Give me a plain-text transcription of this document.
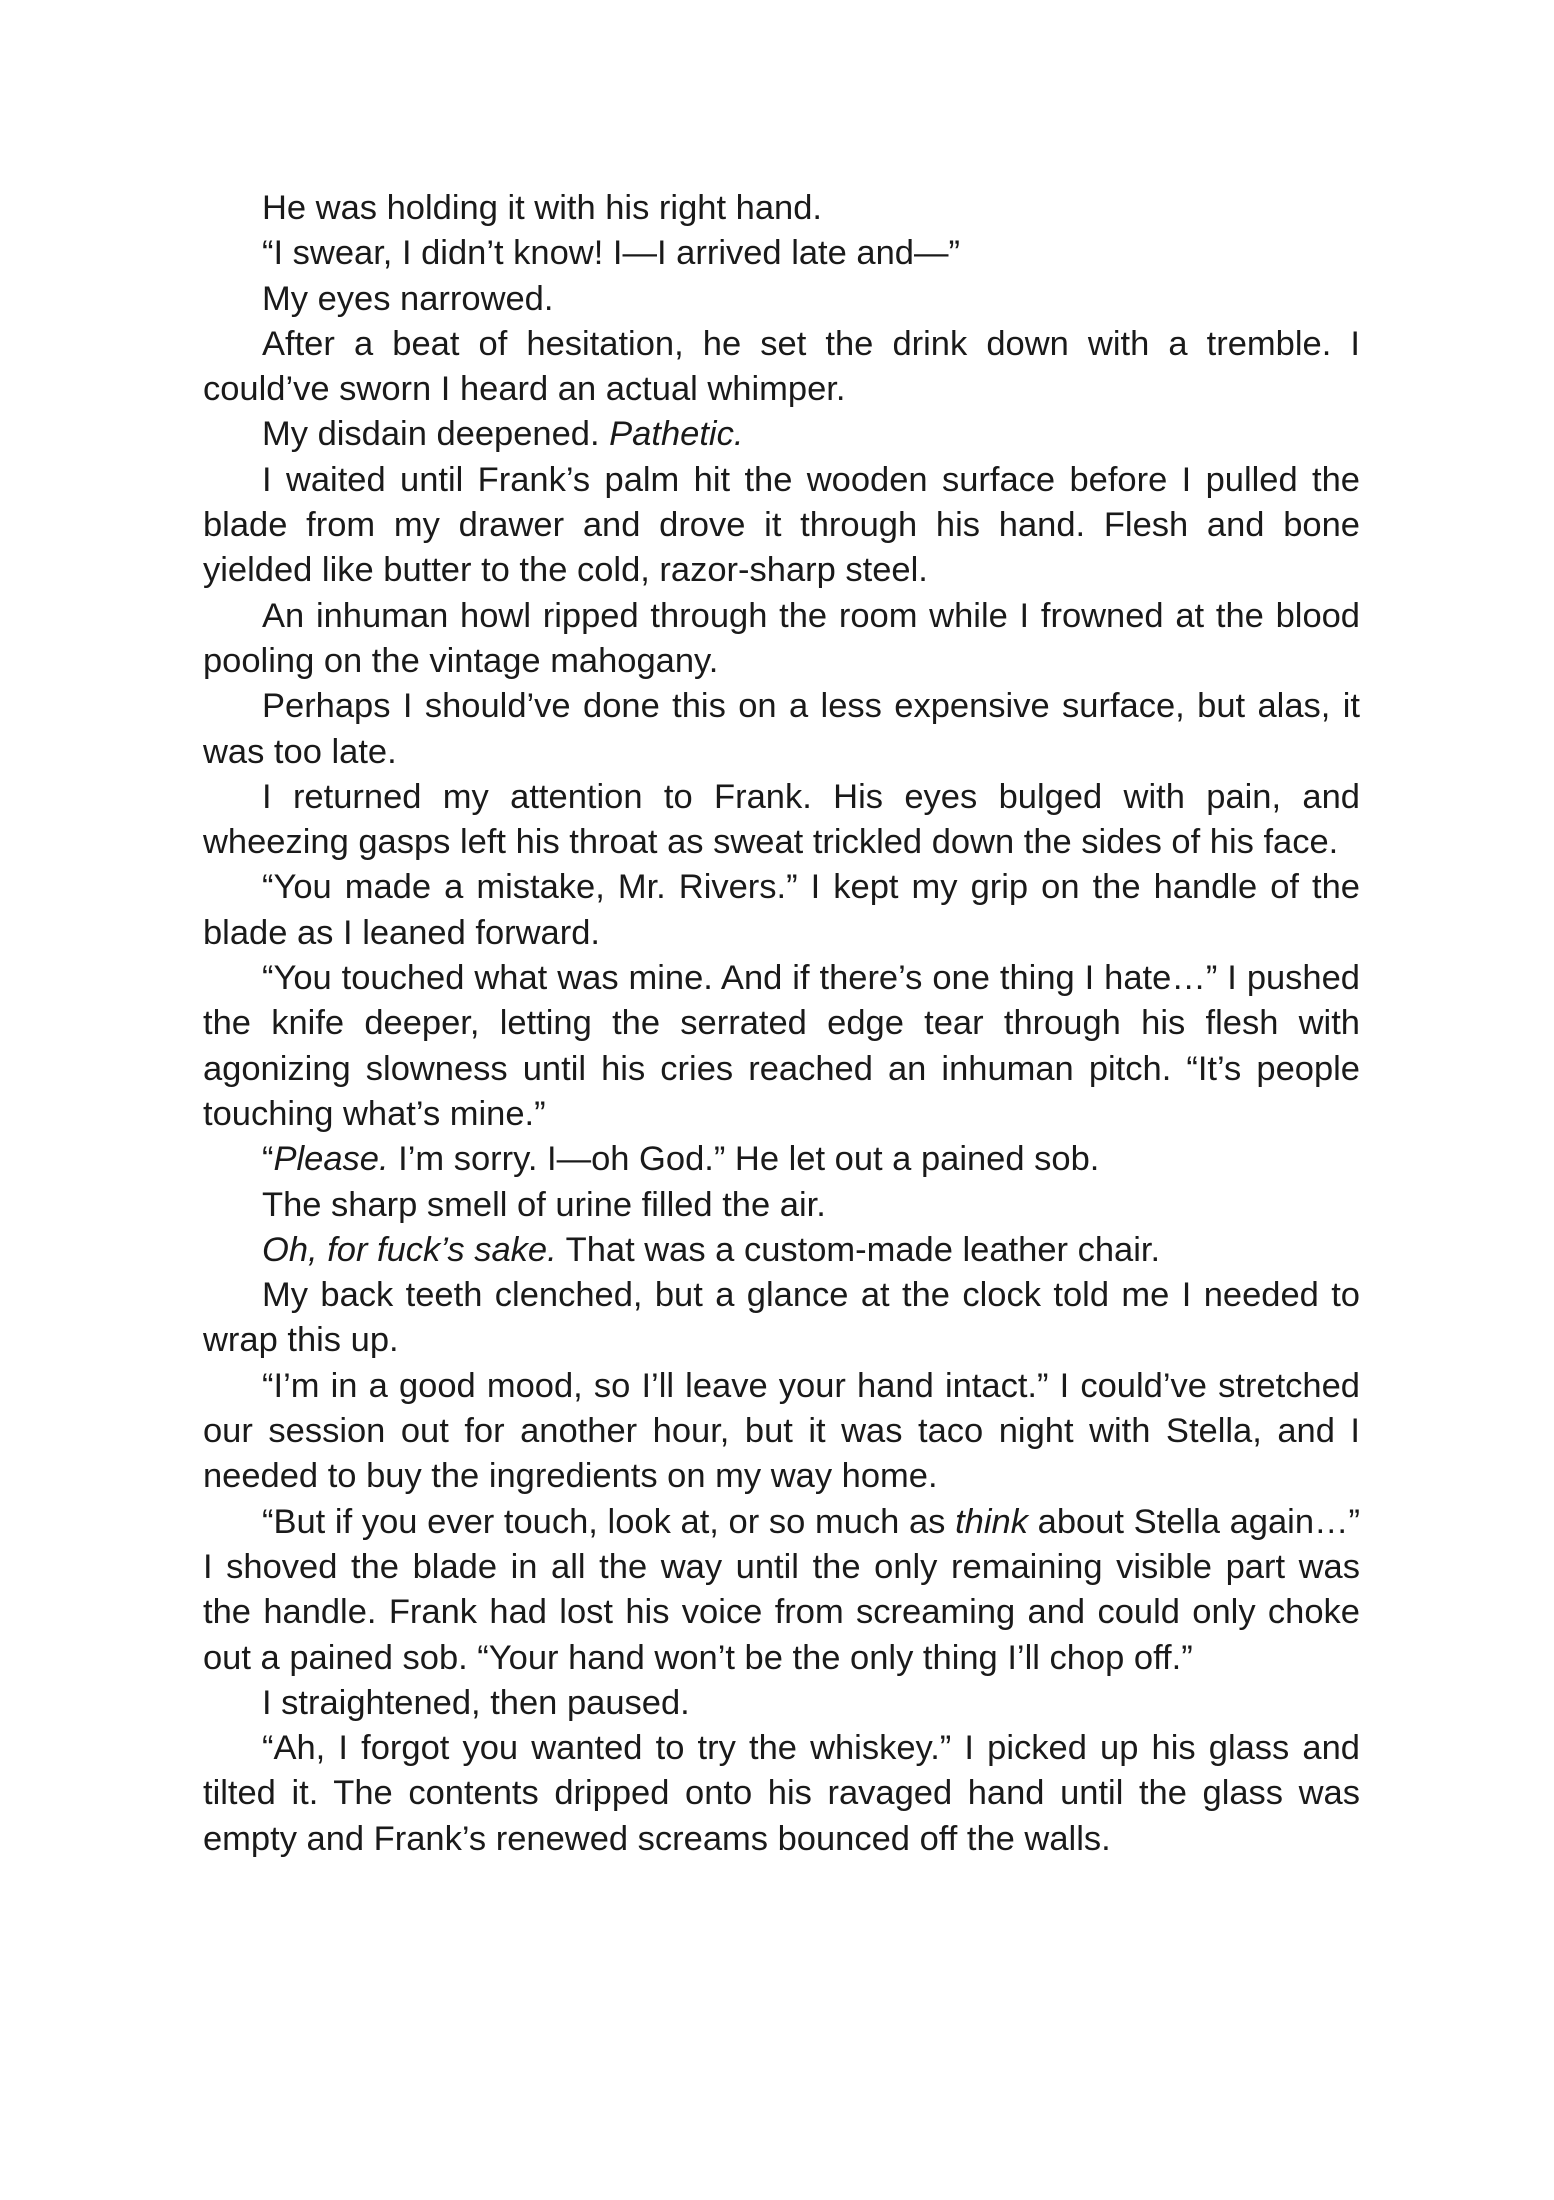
He was holding it with his right hand.

“I swear, I didn’t know! I—I arrived late and—”

My eyes narrowed.

After a beat of hesitation, he set the drink down with a tremble. I could’ve sworn I heard an actual whimper.

My disdain deepened. Pathetic.

I waited until Frank’s palm hit the wooden surface before I pulled the blade from my drawer and drove it through his hand. Flesh and bone yielded like butter to the cold, razor-sharp steel.

An inhuman howl ripped through the room while I frowned at the blood pooling on the vintage mahogany.

Perhaps I should’ve done this on a less expensive surface, but alas, it was too late.

I returned my attention to Frank. His eyes bulged with pain, and wheezing gasps left his throat as sweat trickled down the sides of his face.

“You made a mistake, Mr. Rivers.” I kept my grip on the handle of the blade as I leaned forward.

“You touched what was mine. And if there’s one thing I hate…” I pushed the knife deeper, letting the serrated edge tear through his flesh with agonizing slowness until his cries reached an inhuman pitch. “It’s people touching what’s mine.”

“Please. I’m sorry. I—oh God.” He let out a pained sob.

The sharp smell of urine filled the air.

Oh, for fuck’s sake. That was a custom-made leather chair.

My back teeth clenched, but a glance at the clock told me I needed to wrap this up.

“I’m in a good mood, so I’ll leave your hand intact.” I could’ve stretched our session out for another hour, but it was taco night with Stella, and I needed to buy the ingredients on my way home.

“But if you ever touch, look at, or so much as think about Stella again…” I shoved the blade in all the way until the only remaining visible part was the handle. Frank had lost his voice from screaming and could only choke out a pained sob. “Your hand won’t be the only thing I’ll chop off.”

I straightened, then paused.

“Ah, I forgot you wanted to try the whiskey.” I picked up his glass and tilted it. The contents dripped onto his ravaged hand until the glass was empty and Frank’s renewed screams bounced off the walls.
